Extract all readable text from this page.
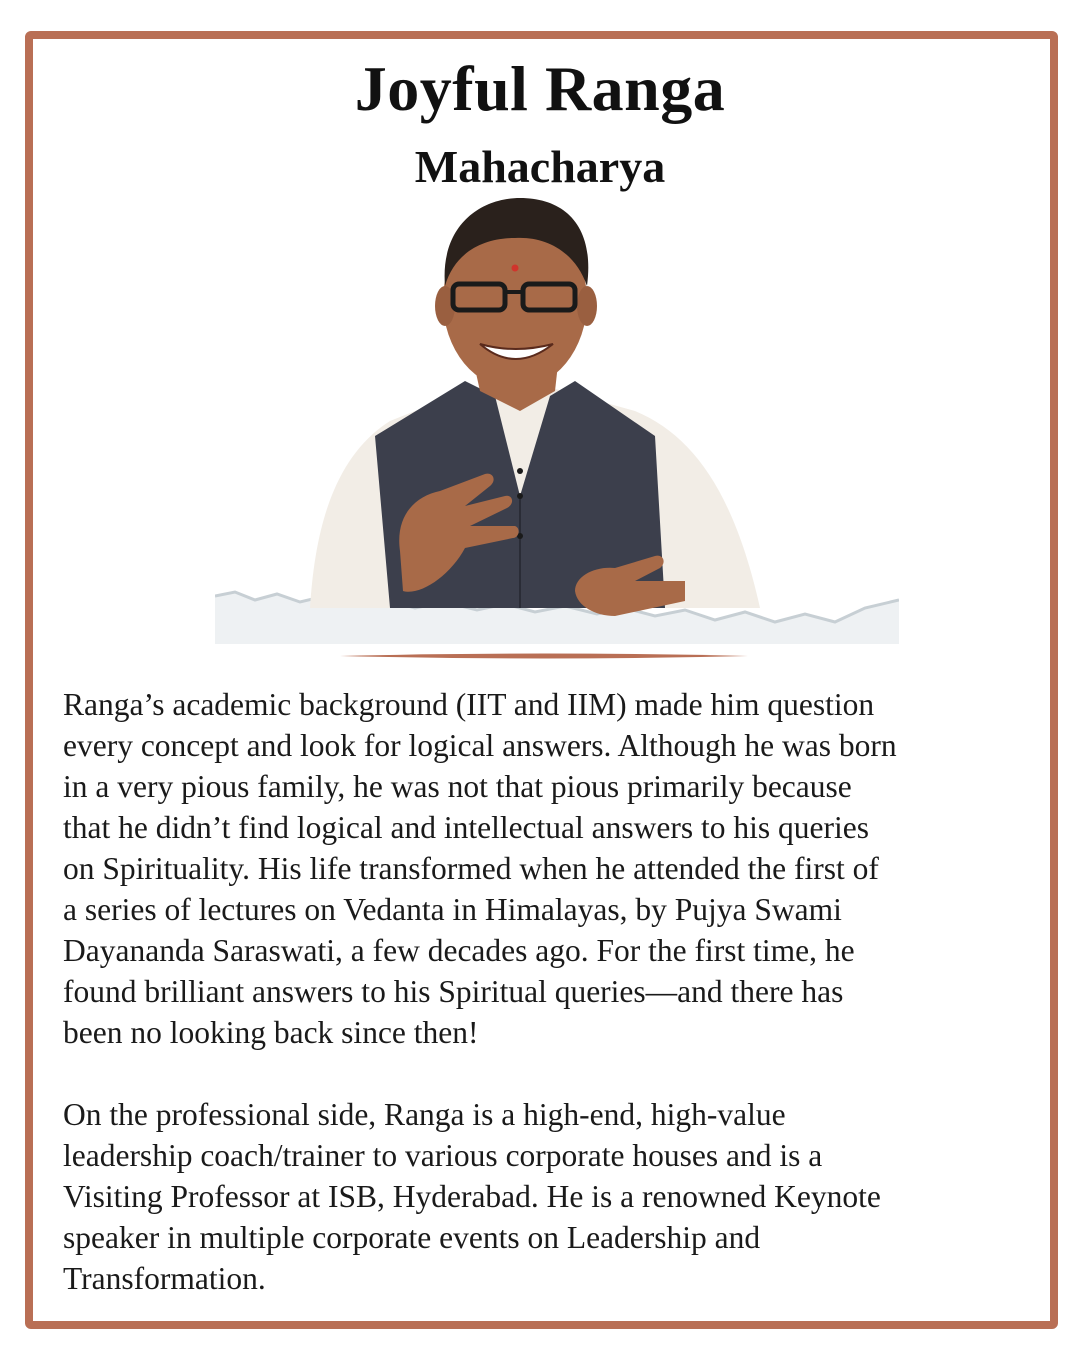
Joyful Ranga
Mahacharya

Ranga’s academic background (IIT and IIM) made him question
every concept and look for logical answers. Although he was born
in a very pious family, he was not that pious primarily because
that he didn’t find logical and intellectual answers to his queries
on Spirituality. His life transformed when he attended the first of
a series of lectures on Vedanta in Himalayas, by Pujya Swami
Dayananda Saraswati, a few decades ago. For the first time, he
found brilliant answers to his Spiritual queries—and there has
been no looking back since then!

On the professional side, Ranga is a high-end, high-value
leadership coach/trainer to various corporate houses and is a
Visiting Professor at ISB, Hyderabad. He is a renowned Keynote
speaker in multiple corporate events on Leadership and
Transformation.
